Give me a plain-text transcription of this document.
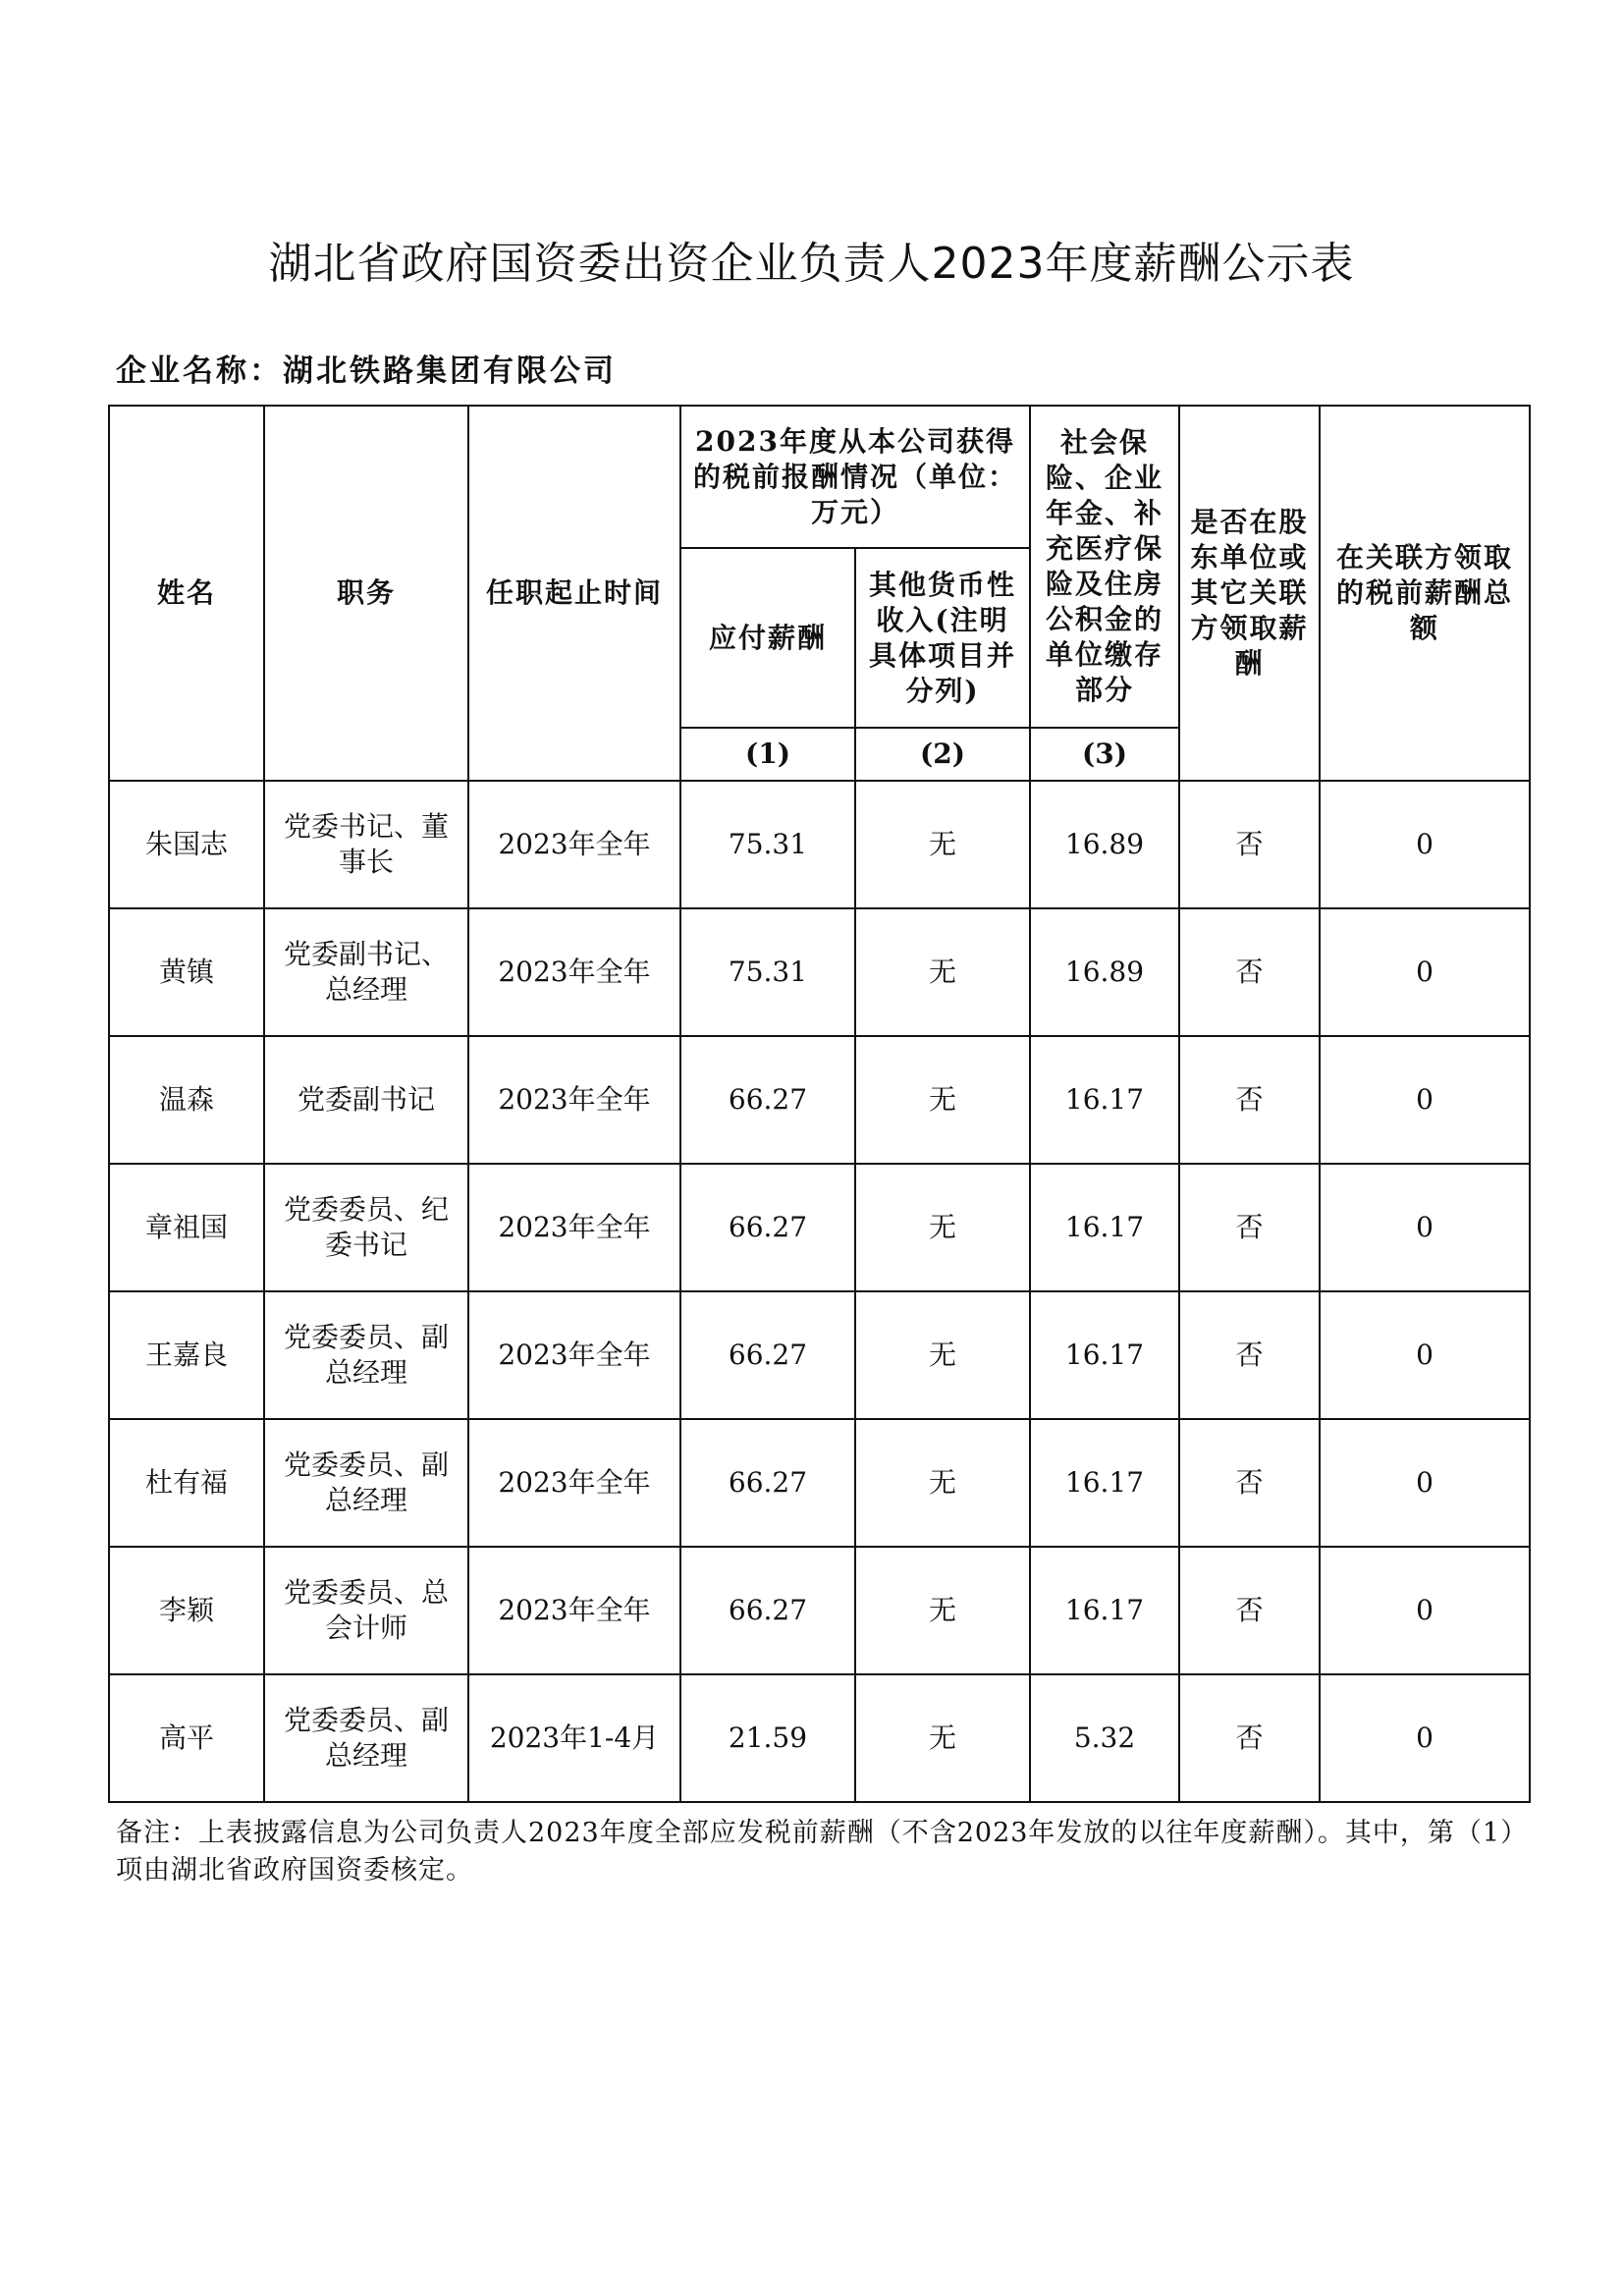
湖北省政府国资委出资企业负责人2023年度薪酬公示表
企业名称：湖北铁路集团有限公司
姓名	职务	任职起止时间	2023年度从本公司获得的税前报酬情况（单位：万元）		社会保险、企业年金、补充医疗保险及住房公积金的单位缴存部分	是否在股东单位或其它关联方领取薪酬	在关联方领取的税前薪酬总额
			应付薪酬	其他货币性收入(注明具体项目并分列)			
			(1)	(2)	(3)		
朱国志	党委书记、董事长	2023年全年	75.31	无	16.89	否	0
黄镇	党委副书记、总经理	2023年全年	75.31	无	16.89	否	0
温森	党委副书记	2023年全年	66.27	无	16.17	否	0
章祖国	党委委员、纪委书记	2023年全年	66.27	无	16.17	否	0
王嘉良	党委委员、副总经理	2023年全年	66.27	无	16.17	否	0
杜有福	党委委员、副总经理	2023年全年	66.27	无	16.17	否	0
李颖	党委委员、总会计师	2023年全年	66.27	无	16.17	否	0
高平	党委委员、副总经理	2023年1-4月	21.59	无	5.32	否	0
备注：上表披露信息为公司负责人2023年度全部应发税前薪酬（不含2023年发放的以往年度薪酬）。其中，第（1）项由湖北省政府国资委核定。
